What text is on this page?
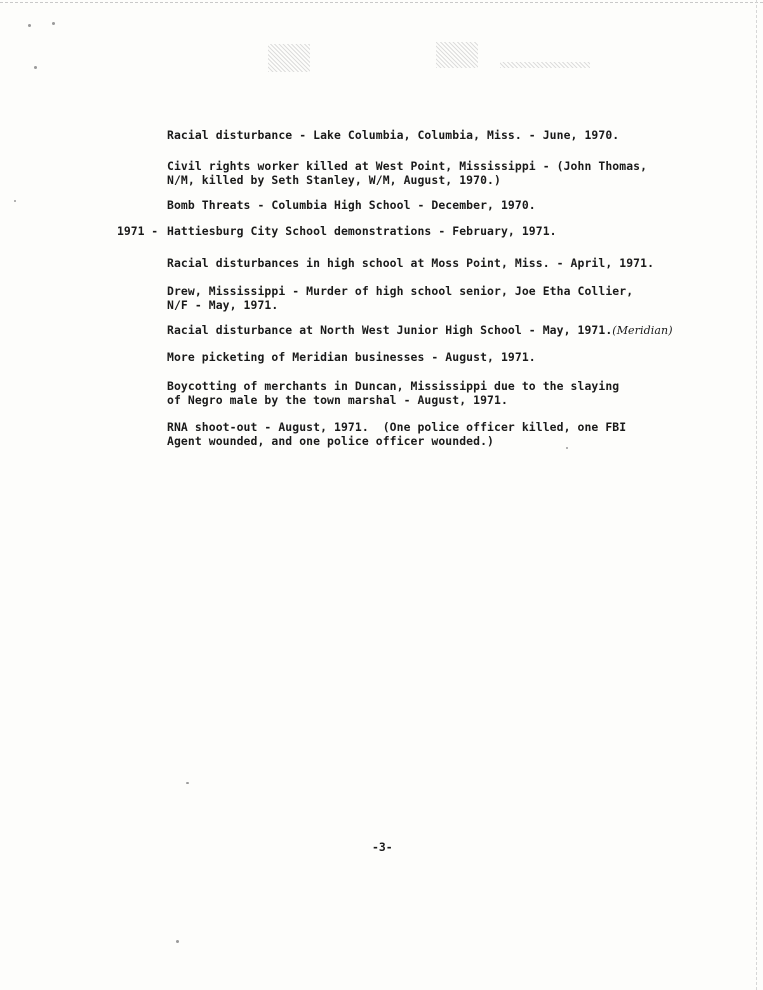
1971 -

Racial disturbance - Lake Columbia, Columbia, Miss. - June, 1970.

Civil rights worker killed at West Point, Mississippi - (John Thomas,
N/M, killed by Seth Stanley, W/M, August, 1970.)

Bomb Threats - Columbia High School - December, 1970.

Hattiesburg City School demonstrations - February, 1971.

Racial disturbances in high school at Moss Point, Miss. - April, 1971.

Drew, Mississippi - Murder of high school senior, Joe Etha Collier,
N/F - May, 1971.

Racial disturbance at North West Junior High School - May, 1971.(Meridian)

More picketing of Meridian businesses - August, 1971.

Boycotting of merchants in Duncan, Mississippi due to the slaying
of Negro male by the town marshal - August, 1971.

RNA shoot-out - August, 1971.  (One police officer killed, one FBI
Agent wounded, and one police officer wounded.)

-3-
